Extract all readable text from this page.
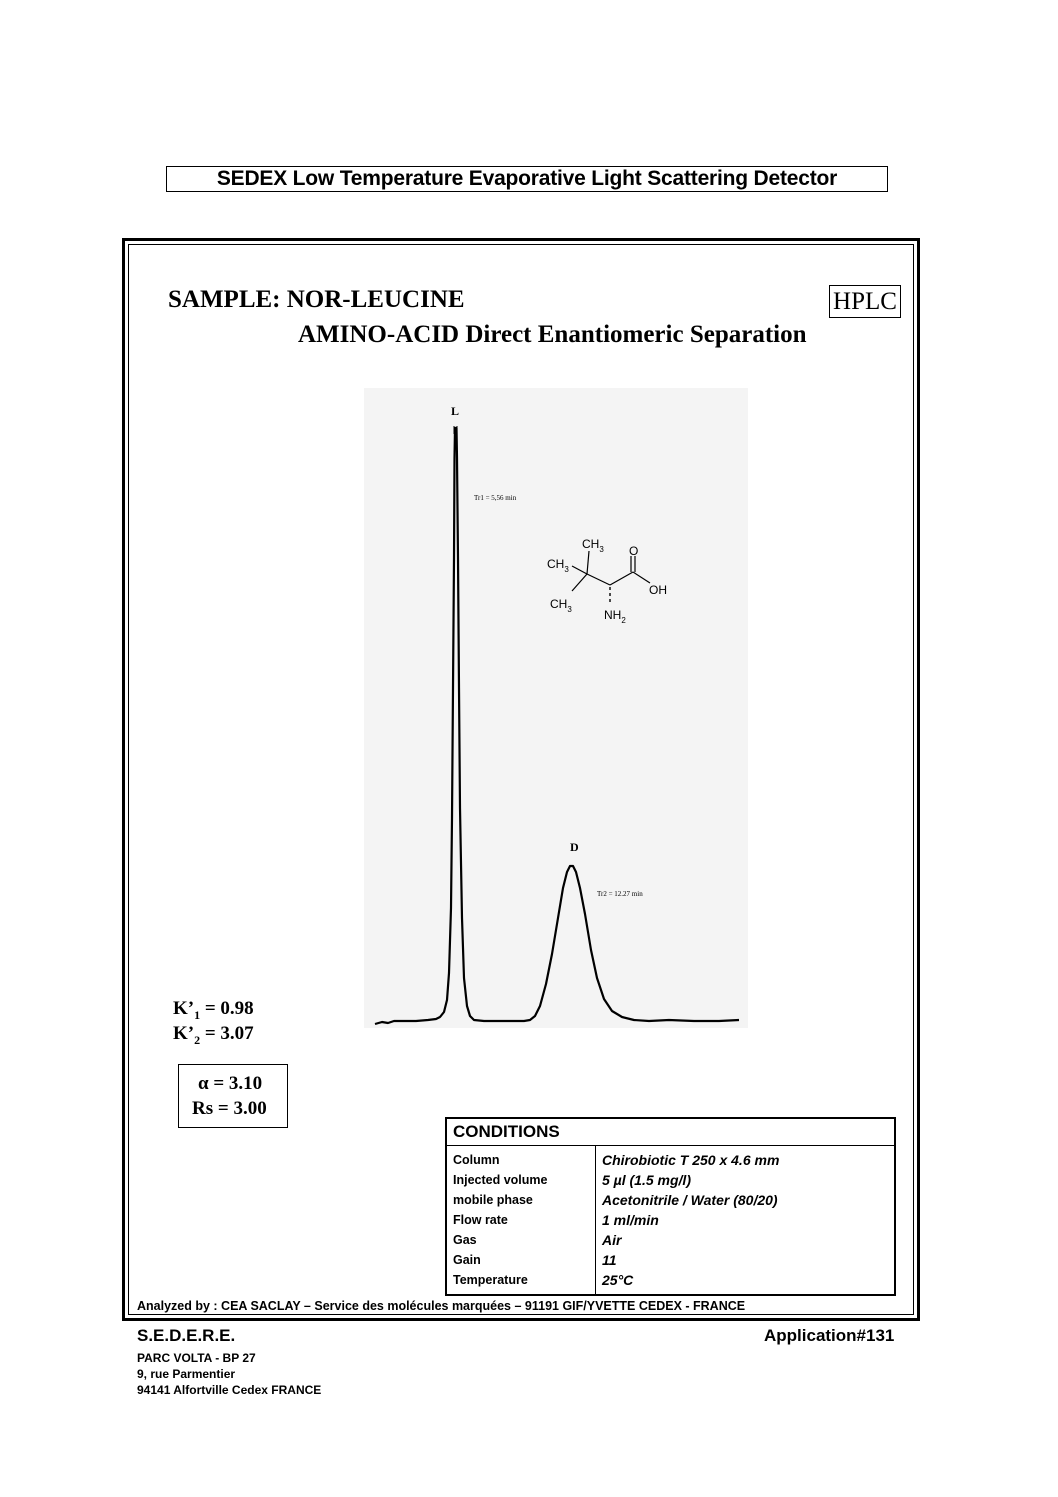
SEDEX Low Temperature Evaporative Light Scattering Detector
SAMPLE: NOR-LEUCINE	HPLC
AMINO-ACID Direct Enantiomeric Separation
L
Tr1 = 5,56 min
D
Tr2 = 12.27 min
$CH_3$
$CH_3$
$CH_3$
O
OH
$NH_2$
$K’_1 = 0.98$
$K’_2 = 3.07$
α = 3.10
Rs = 3.00
CONDITIONS	

Column	Chirobiotic T 250 x 4.6 mm
Injected volume	5 µl (1.5 mg/l)
mobile phase	Acetonitrile / Water (80/20)
Flow rate	1 ml/min
Gas	Air
Gain	11
Temperature	25°C

Analyzed by : CEA SACLAY – Service des molécules marquées – 91191 GIF/YVETTE CEDEX - FRANCE
S.E.D.E.R.E.	Application#131
PARC VOLTA - BP 27
9, rue Parmentier
94141 Alfortville Cedex FRANCE
